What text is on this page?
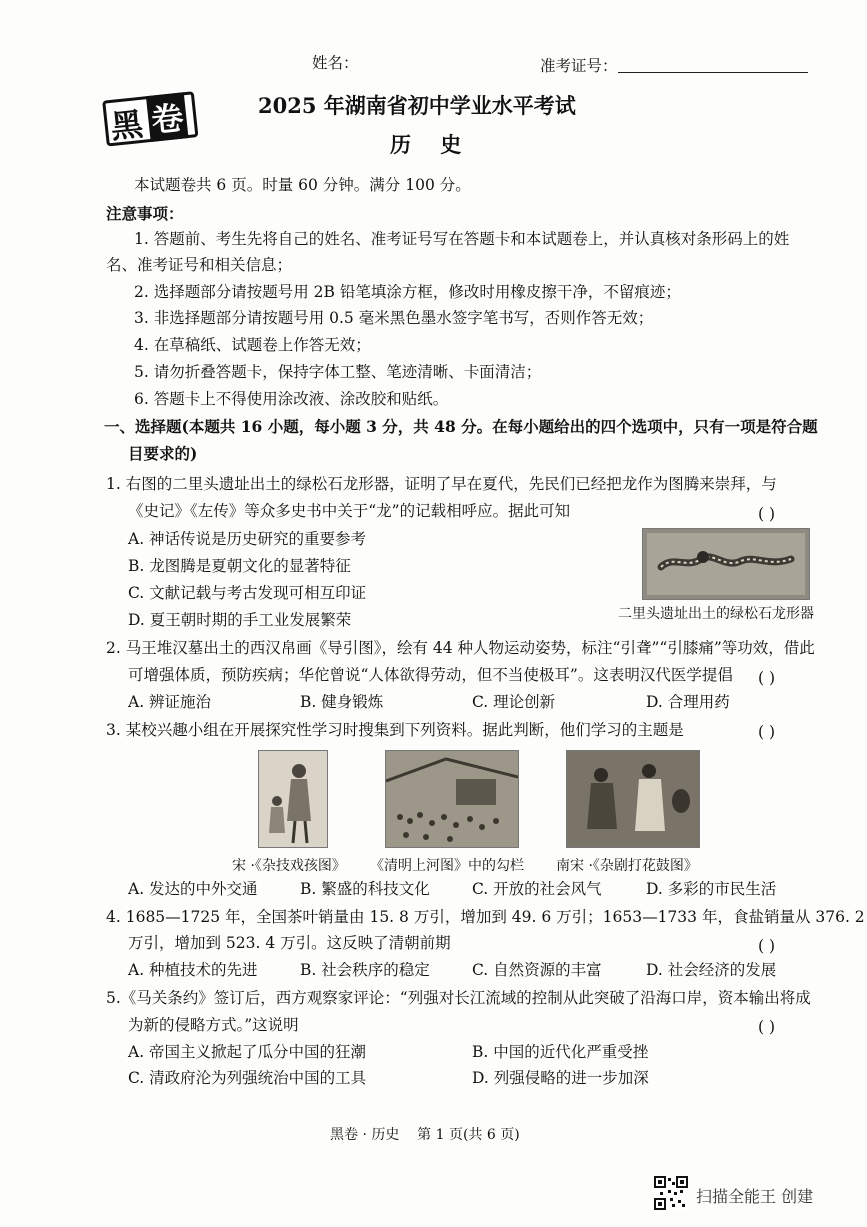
姓名：	准考证号：
黑 卷	2025 年湖南省初中学业水平考试
历    史
本试题卷共 6 页。时量 60 分钟。满分 100 分。
注意事项：
1. 答题前、考生先将自己的姓名、准考证号写在答题卡和本试题卷上，并认真核对条形码上的姓
名、准考证号和相关信息；
2. 选择题部分请按题号用 2B 铅笔填涂方框，修改时用橡皮擦干净，不留痕迹；
3. 非选择题部分请按题号用 0.5 毫米黑色墨水签字笔书写，否则作答无效；
4. 在草稿纸、试题卷上作答无效；
5. 请勿折叠答题卡，保持字体工整、笔迹清晰、卡面清洁；
6. 答题卡上不得使用涂改液、涂改胶和贴纸。
一、选择题(本题共 16 小题，每小题 3 分，共 48 分。在每小题给出的四个选项中，只有一项是符合题
目要求的)
1. 右图的二里头遗址出土的绿松石龙形器，证明了早在夏代，先民们已经把龙作为图腾来崇拜，与
《史记》《左传》等众多史书中关于“龙”的记载相呼应。据此可知	( )
A. 神话传说是历史研究的重要参考
B. 龙图腾是夏朝文化的显著特征
C. 文献记载与考古发现可相互印证
D. 夏王朝时期的手工业发展繁荣	二里头遗址出土的绿松石龙形器
2. 马王堆汉墓出土的西汉帛画《导引图》，绘有 44 种人物运动姿势，标注“引聋”“引膝痛”等功效，借此
可增强体质，预防疾病；华佗曾说“人体欲得劳动，但不当使极耳”。这表明汉代医学提倡 ( )
A. 辨证施治	B. 健身锻炼	C. 理论创新	D. 合理用药
3. 某校兴趣小组在开展探究性学习时搜集到下列资料。据此判断，他们学习的主题是	( )
宋 ·《杂技戏孩图》 《清明上河图》中的勾栏 南宋 ·《杂剧打花鼓图》
A. 发达的中外交通	B. 繁盛的科技文化	C. 开放的社会风气	D. 多彩的市民生活
4. 1685—1725 年，全国茶叶销量由 15. 8 万引，增加到 49. 6 万引；1653—1733 年，食盐销量从 376. 2
万引，增加到 523. 4 万引。这反映了清朝前期	( )
A. 种植技术的先进	B. 社会秩序的稳定	C. 自然资源的丰富	D. 社会经济的发展
5.《马关条约》签订后，西方观察家评论：“列强对长江流域的控制从此突破了沿海口岸，资本输出将成
为新的侵略方式。”这说明	( )
A. 帝国主义掀起了瓜分中国的狂潮	B. 中国的近代化严重受挫
C. 清政府沦为列强统治中国的工具	D. 列强侵略的进一步加深
黑卷 · 历史    第 1 页(共 6 页)
扫描全能王 创建
